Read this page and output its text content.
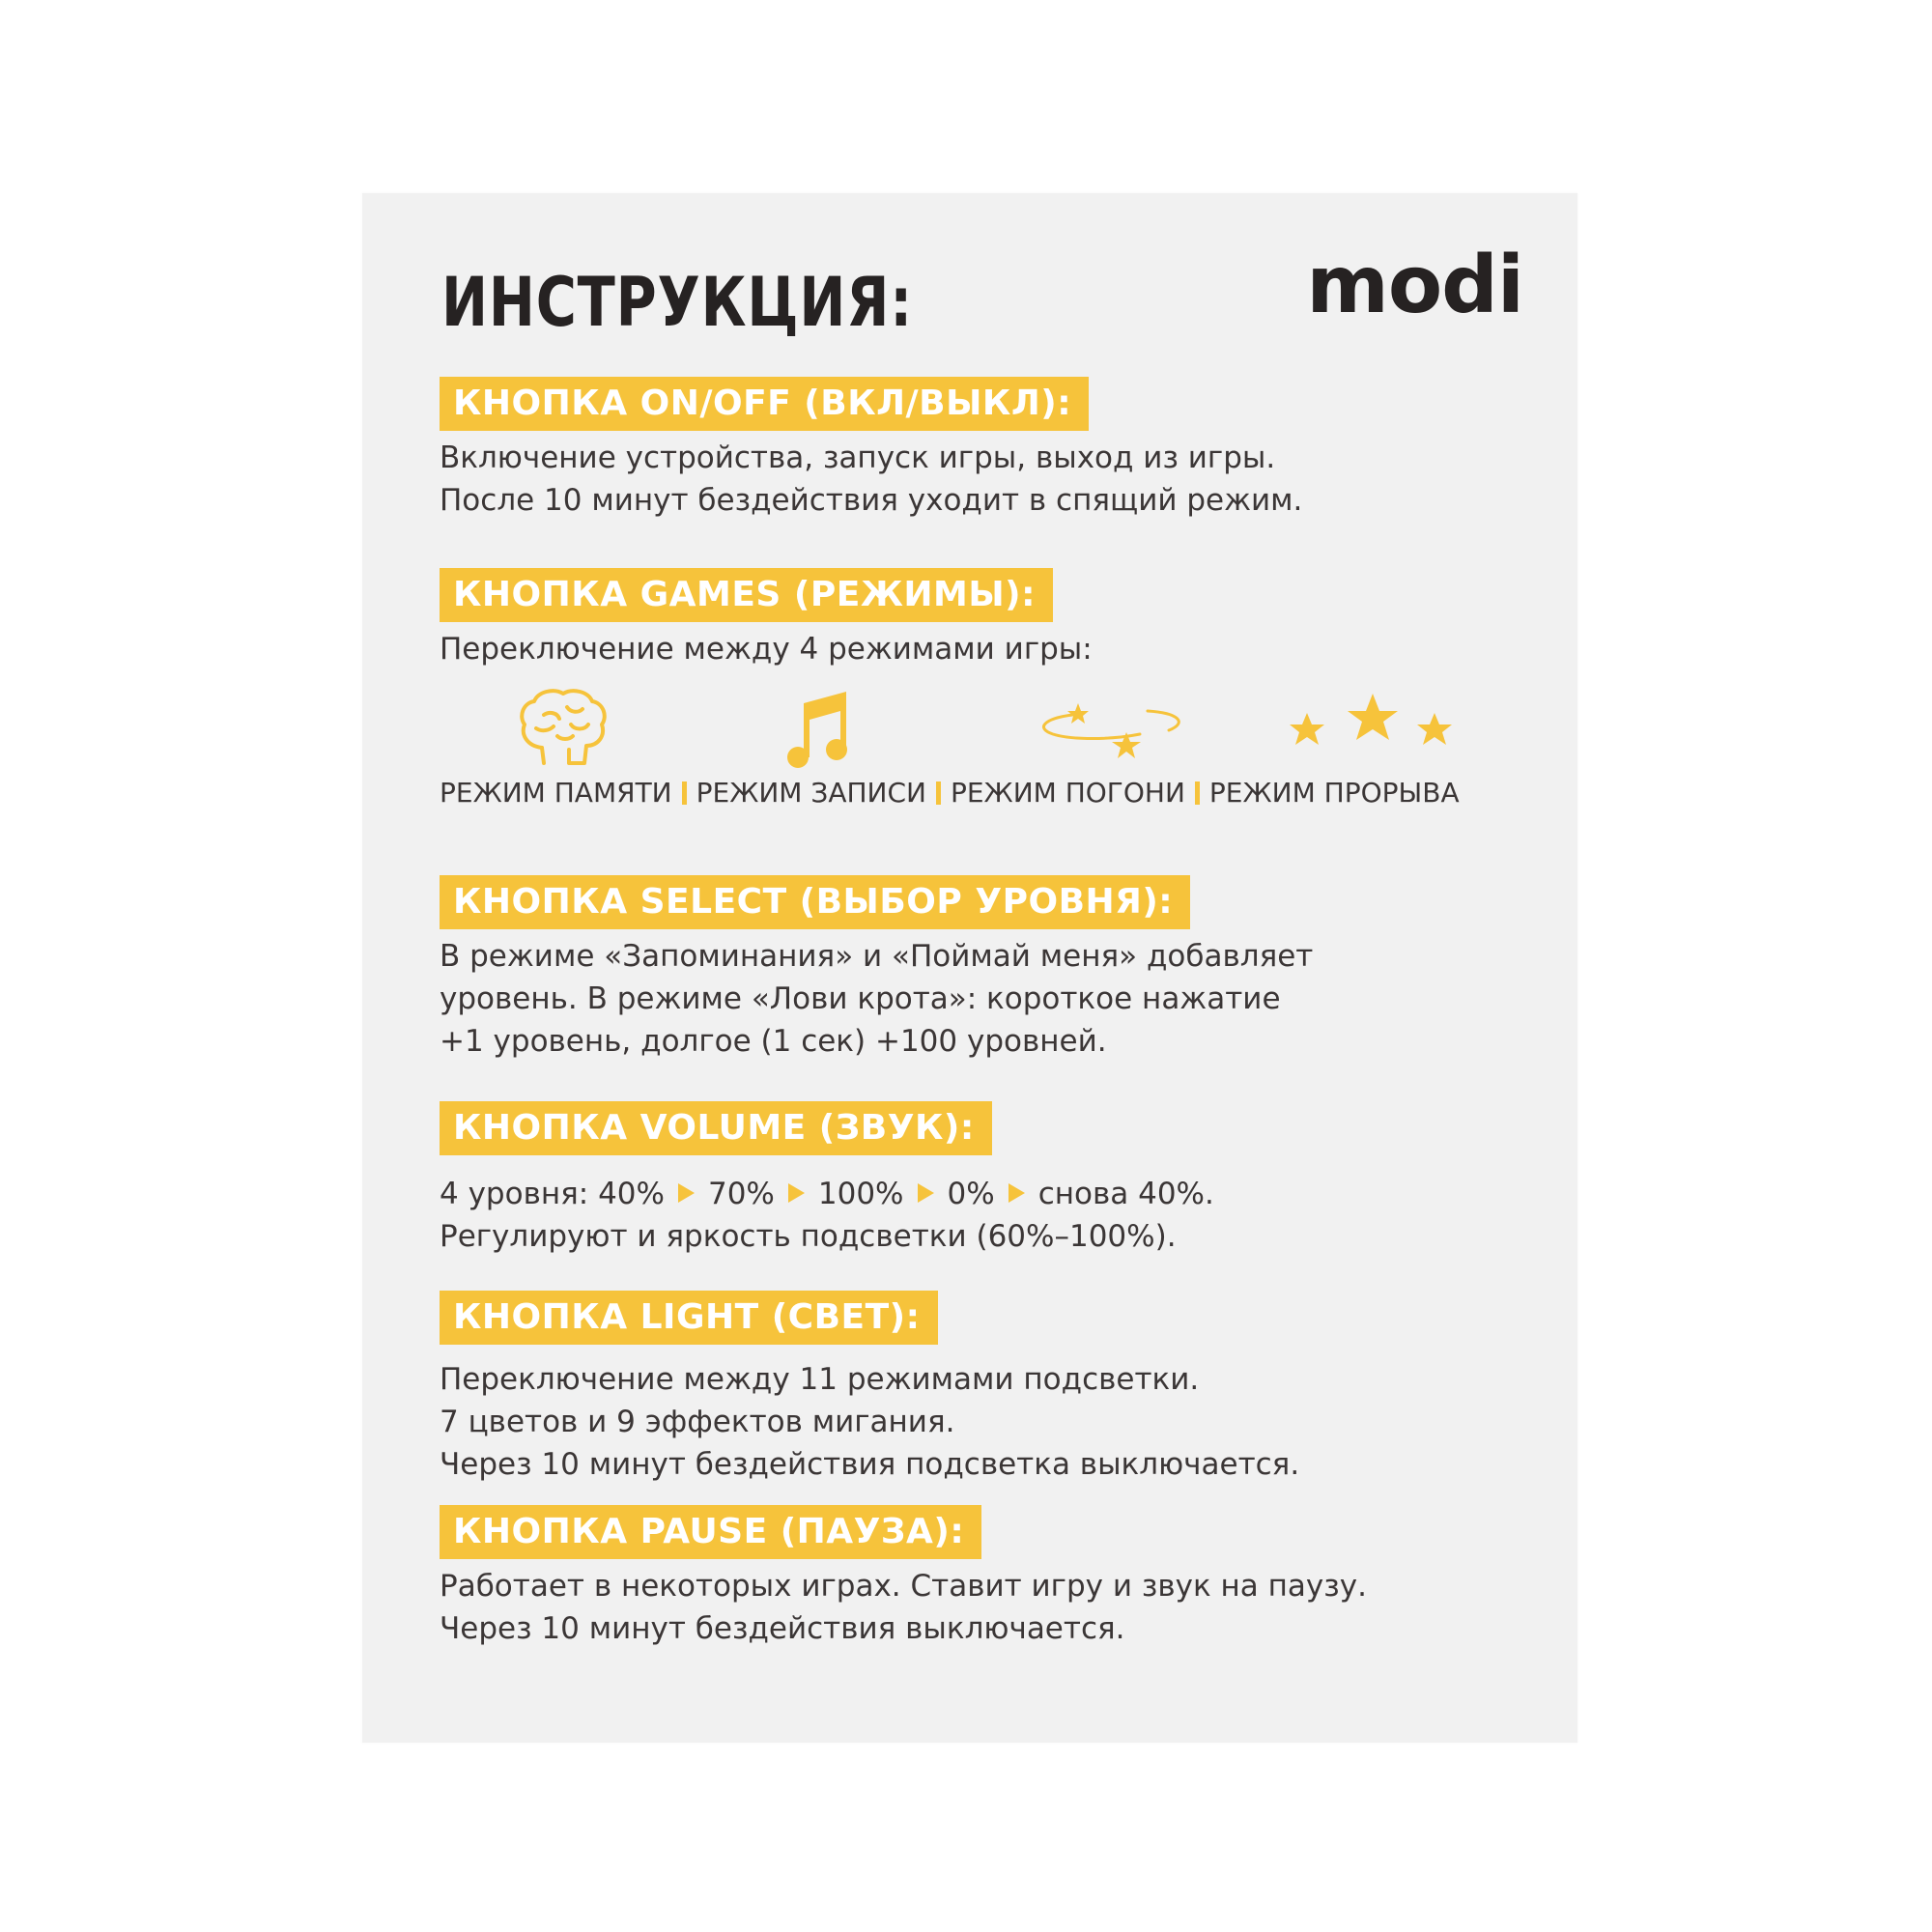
ИНСТРУКЦИЯ:	modi
КНОПКА ON/OFF (ВКЛ/ВЫКЛ):

Включение устройства, запуск игры, выход из игры.

После 10 минут бездействия уходит в спящий режим.

КНОПКА GAMES (РЕЖИМЫ):

Переключение между 4 режимами игры:

РЕЖИМ ПАМЯТИ РЕЖИМ ЗАПИСИ РЕЖИМ ПОГОНИ РЕЖИМ ПРОРЫВА
КНОПКА SELECT (ВЫБОР УРОВНЯ):

В режиме «Запоминания» и «Поймай меня» добавляет

уровень. В режиме «Лови крота»: короткое нажатие

+1 уровень, долгое (1 сек) +100 уровней.

КНОПКА VOLUME (ЗВУК):

4 уровня: 40% 70% 100% 0% снова 40%.

Регулируют и яркость подсветки (60%–100%).

КНОПКА LIGHT (СВЕТ):

Переключение между 11 режимами подсветки.

7 цветов и 9 эффектов мигания.

Через 10 минут бездействия подсветка выключается.

КНОПКА PAUSE (ПАУЗА):

Работает в некоторых играх. Ставит игру и звук на паузу.

Через 10 минут бездействия выключается.
